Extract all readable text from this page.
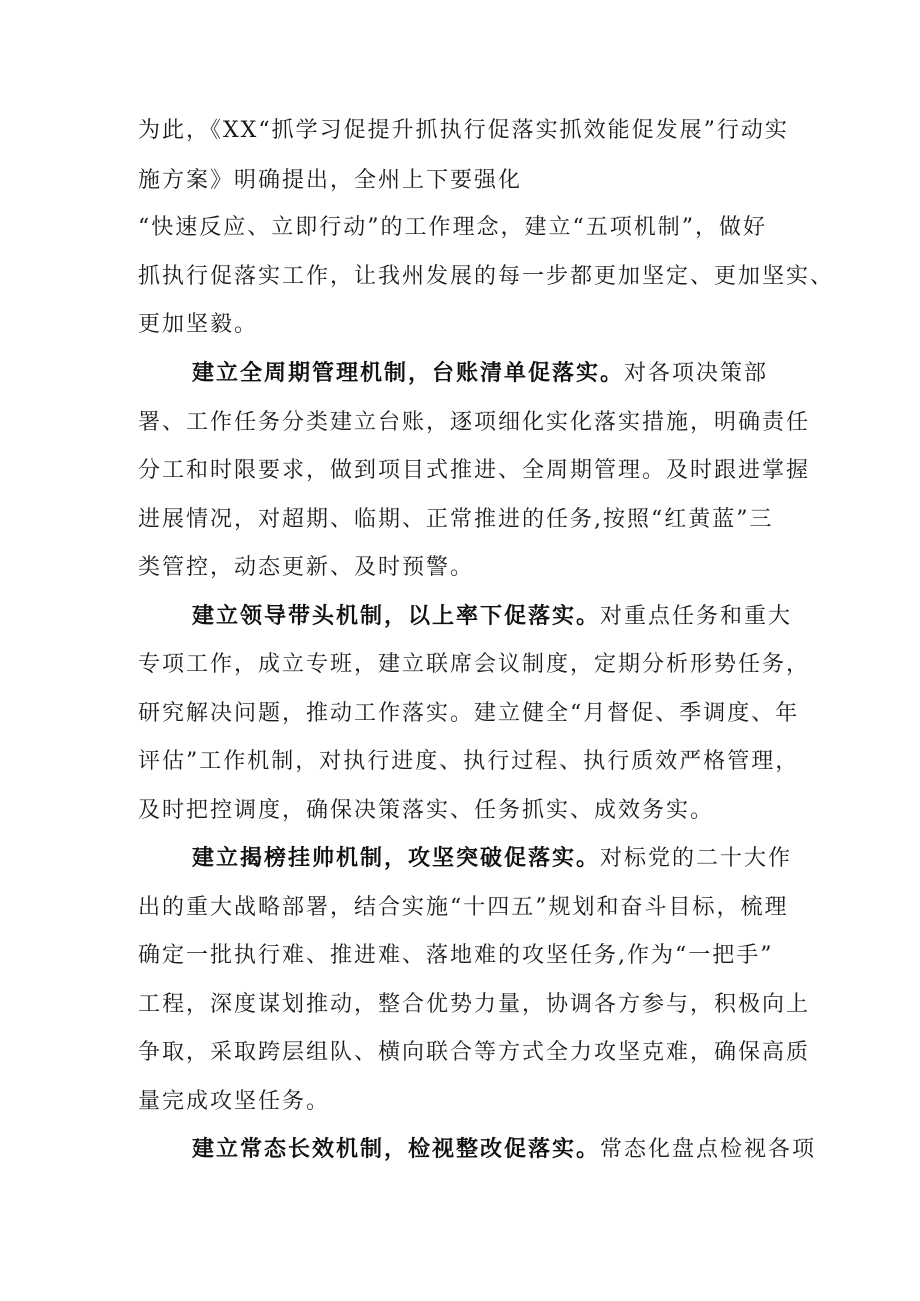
为此，《XX“抓学习促提升抓执行促落实抓效能促发展”行动实
施方案》明确提出，全州上下要强化
“快速反应、立即行动”的工作理念，建立“五项机制”，做好
抓执行促落实工作，让我州发展的每一步都更加坚定、更加坚实、
更加坚毅。
建立全周期管理机制，台账清单促落实。对各项决策部
署、工作任务分类建立台账，逐项细化实化落实措施，明确责任
分工和时限要求，做到项目式推进、全周期管理。及时跟进掌握
进展情况，对超期、临期、正常推进的任务,按照“红黄蓝”三
类管控，动态更新、及时预警。
建立领导带头机制，以上率下促落实。对重点任务和重大
专项工作，成立专班，建立联席会议制度，定期分析形势任务，
研究解决问题，推动工作落实。建立健全“月督促、季调度、年
评估”工作机制，对执行进度、执行过程、执行质效严格管理，
及时把控调度，确保决策落实、任务抓实、成效务实。
建立揭榜挂帅机制，攻坚突破促落实。对标党的二十大作
出的重大战略部署，结合实施“十四五”规划和奋斗目标，梳理
确定一批执行难、推进难、落地难的攻坚任务,作为“一把手”
工程，深度谋划推动，整合优势力量，协调各方参与，积极向上
争取，采取跨层组队、横向联合等方式全力攻坚克难，确保高质
量完成攻坚任务。
建立常态长效机制，检视整改促落实。常态化盘点检视各项
